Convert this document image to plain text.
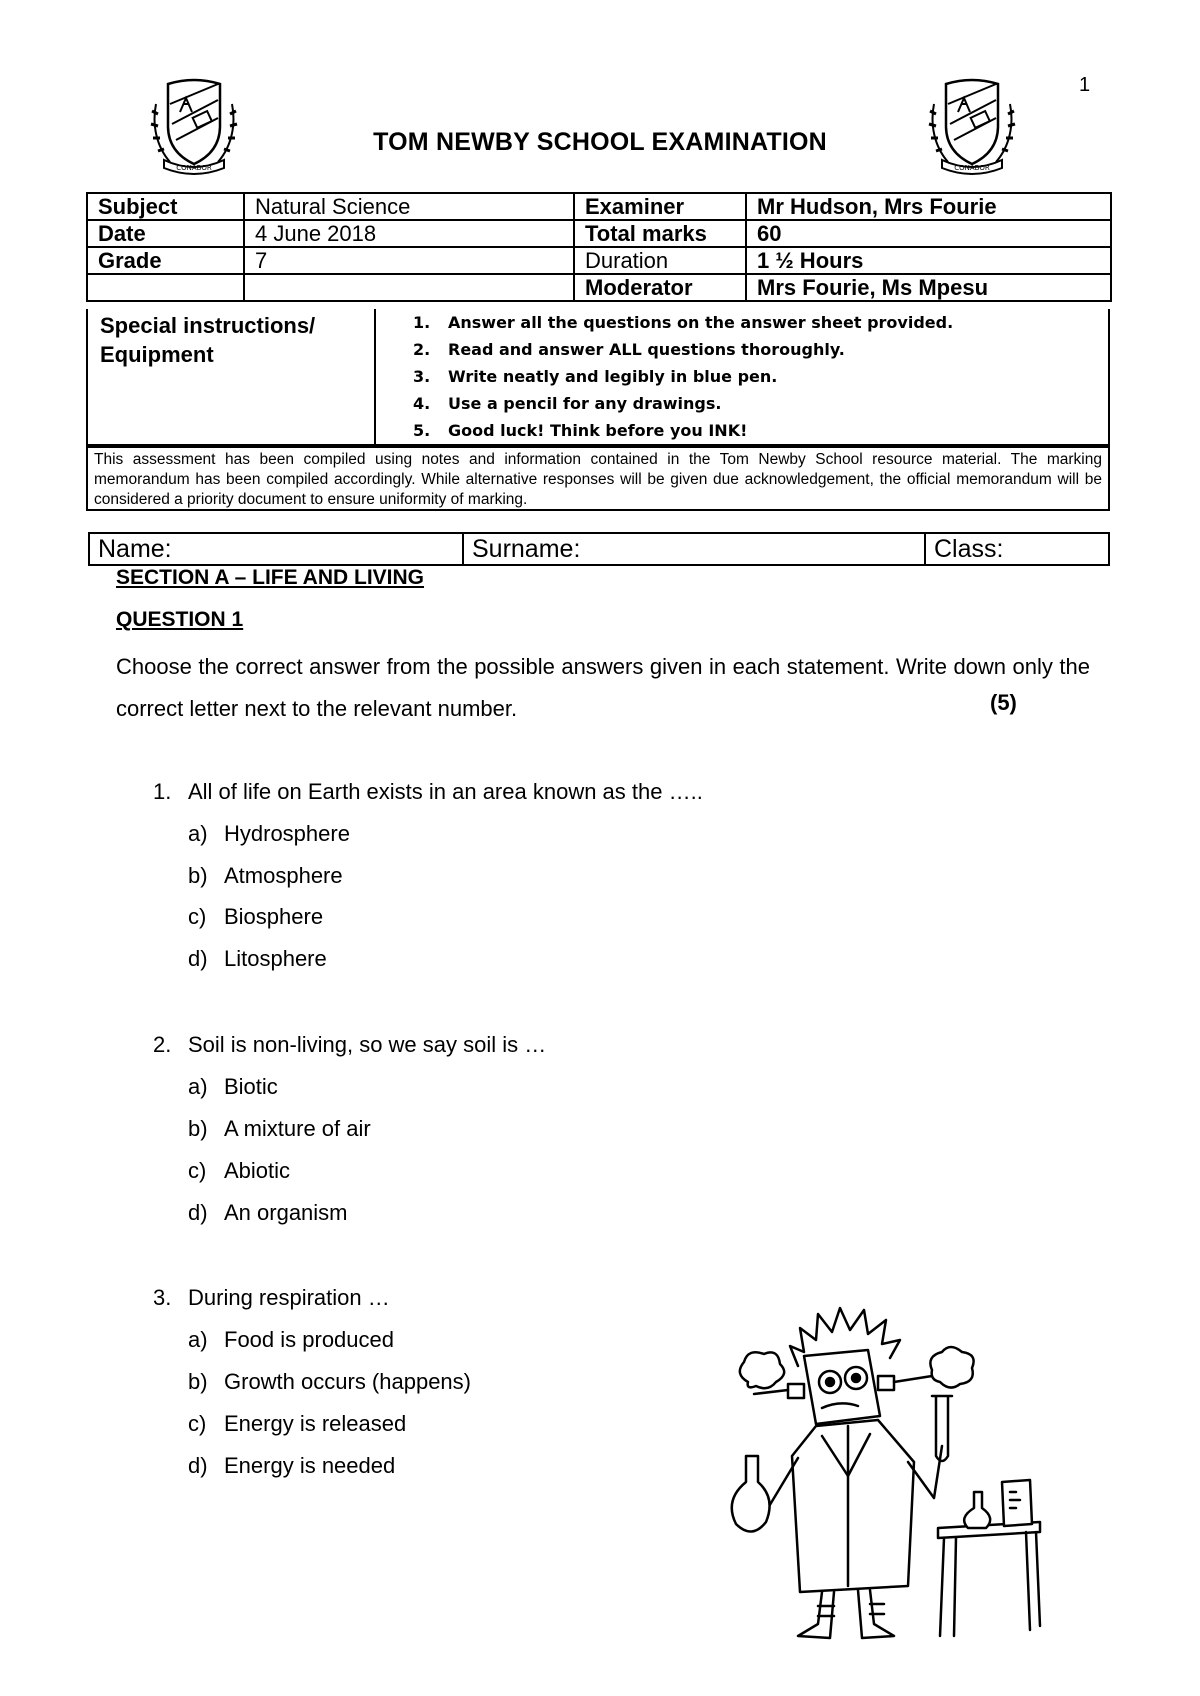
1
CONABOR
TOM NEWBY SCHOOL EXAMINATION
CONABOR
Subject	Natural Science	Examiner	Mr Hudson, Mrs Fourie
Date	4 June 2018	Total marks	60
Grade	7	Duration	1 ½ Hours
		Moderator	Mrs Fourie, Ms Mpesu
Special instructions/
Equipment
1. Answer all the questions on the answer sheet provided.
2. Read and answer ALL questions thoroughly.
3. Write neatly and legibly in blue pen.
4. Use a pencil for any drawings.
5. Good luck! Think before you INK!
This assessment has been compiled using notes and information contained in the Tom Newby School resource material. The marking memorandum has been compiled accordingly. While alternative responses will be given due acknowledgement, the official memorandum will be considered a priority document to ensure uniformity of marking.
Name:	Surname:	Class:
SECTION A – LIFE AND LIVING
QUESTION 1
Choose the correct answer from the possible answers given in each statement. Write down only the correct letter next to the relevant number.	(5)
1. All of life on Earth exists in an area known as the …..
a) Hydrosphere
b) Atmosphere
c) Biosphere
d) Litosphere
2. Soil is non-living, so we say soil is …
a) Biotic
b) A mixture of air
c) Abiotic
d) An organism
3. During respiration …
a) Food is produced
b) Growth occurs (happens)
c) Energy is released
d) Energy is needed
